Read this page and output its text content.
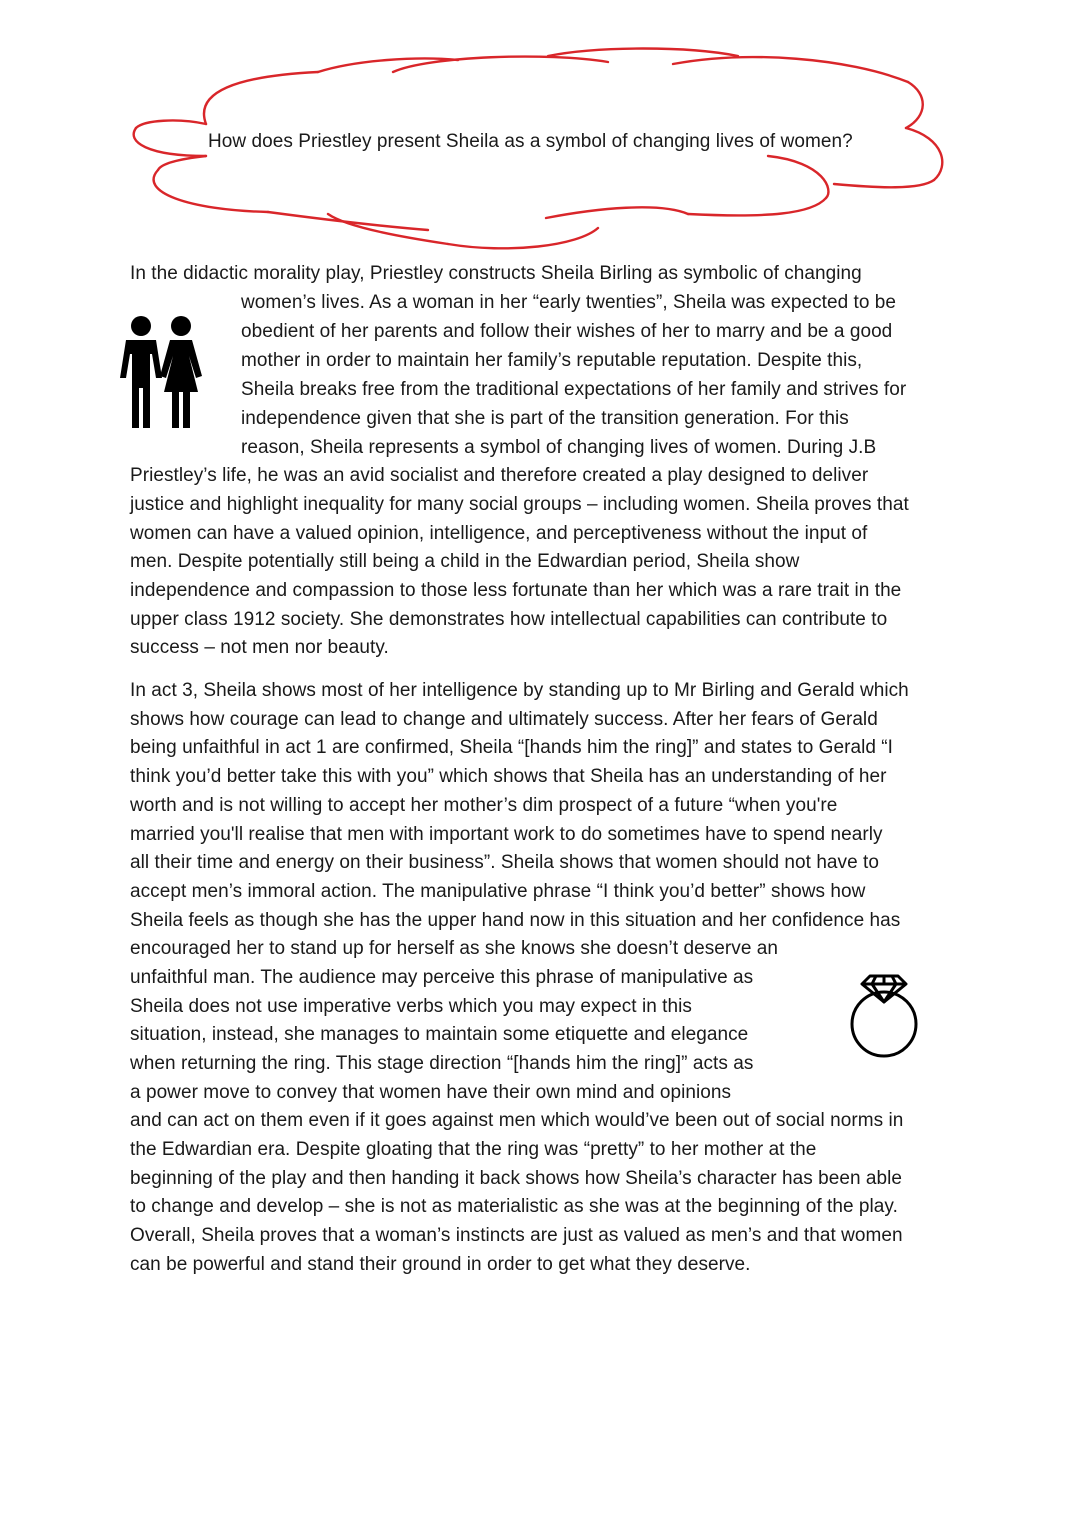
How does Priestley present Sheila as a symbol of changing lives of women?
In the didactic morality play, Priestley constructs Sheila Birling as symbolic of changing
women’s lives. As a woman in her “early twenties”, Sheila was expected to be
obedient of her parents and follow their wishes of her to marry and be a good
mother in order to maintain her family’s reputable reputation. Despite this,
Sheila breaks free from the traditional expectations of her family and strives for
independence given that she is part of the transition generation. For this
reason, Sheila represents a symbol of changing lives of women. During J.B
Priestley’s life, he was an avid socialist and therefore created a play designed to deliver
justice and highlight inequality for many social groups – including women. Sheila proves that
women can have a valued opinion, intelligence, and perceptiveness without the input of
men. Despite potentially still being a child in the Edwardian period, Sheila show
independence and compassion to those less fortunate than her which was a rare trait in the
upper class 1912 society. She demonstrates how intellectual capabilities can contribute to
success – not men nor beauty.
In act 3, Sheila shows most of her intelligence by standing up to Mr Birling and Gerald which
shows how courage can lead to change and ultimately success. After her fears of Gerald
being unfaithful in act 1 are confirmed, Sheila “[hands him the ring]” and states to Gerald “I
think you’d better take this with you” which shows that Sheila has an understanding of her
worth and is not willing to accept her mother’s dim prospect of a future “when you're
married you'll realise that men with important work to do sometimes have to spend nearly
all their time and energy on their business”. Sheila shows that women should not have to
accept men’s immoral action. The manipulative phrase “I think you’d better” shows how
Sheila feels as though she has the upper hand now in this situation and her confidence has
encouraged her to stand up for herself as she knows she doesn’t deserve an
unfaithful man. The audience may perceive this phrase of manipulative as
Sheila does not use imperative verbs which you may expect in this
situation, instead, she manages to maintain some etiquette and elegance
when returning the ring. This stage direction “[hands him the ring]” acts as
a power move to convey that women have their own mind and opinions
and can act on them even if it goes against men which would’ve been out of social norms in
the Edwardian era. Despite gloating that the ring was “pretty” to her mother at the
beginning of the play and then handing it back shows how Sheila’s character has been able
to change and develop – she is not as materialistic as she was at the beginning of the play.
Overall, Sheila proves that a woman’s instincts are just as valued as men’s and that women
can be powerful and stand their ground in order to get what they deserve.
